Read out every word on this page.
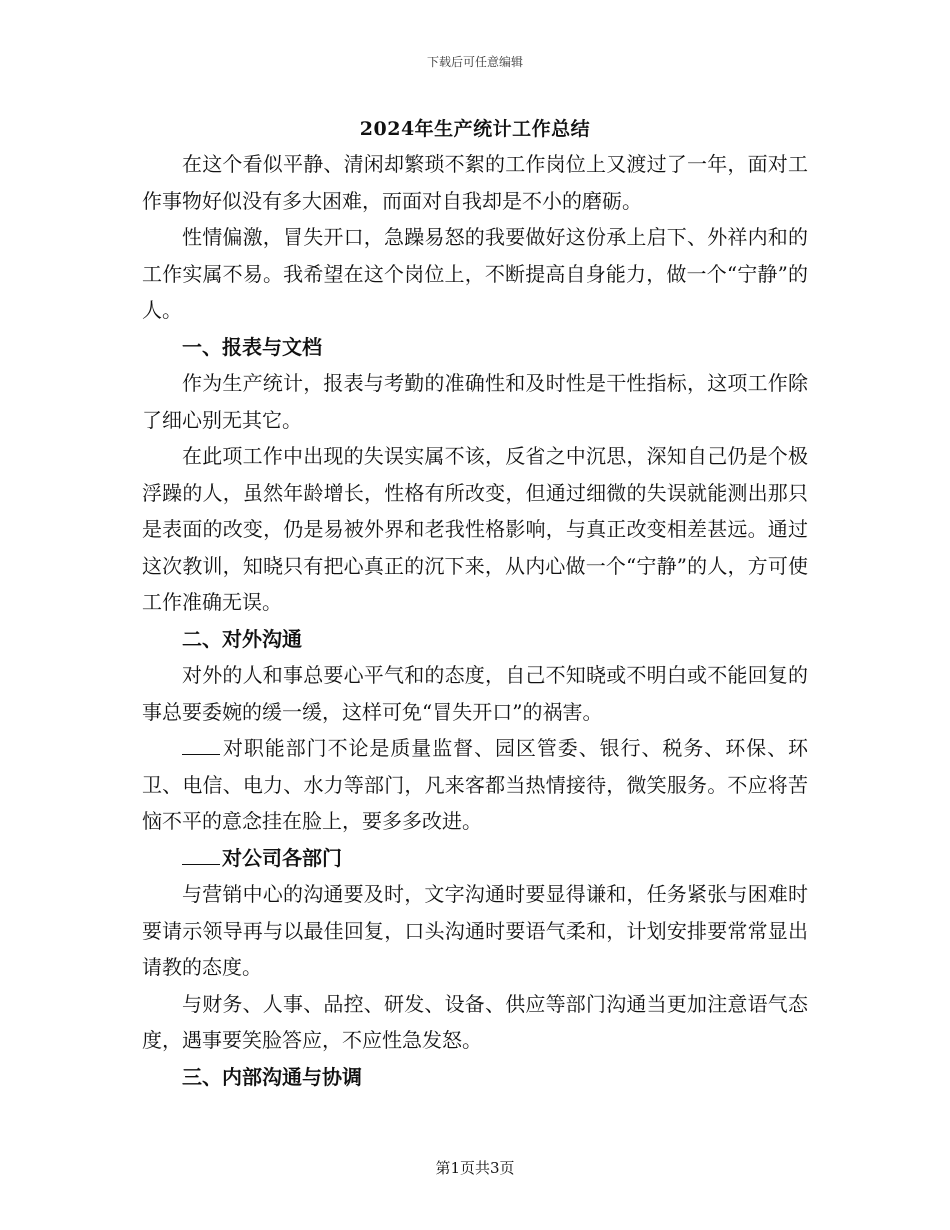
下载后可任意编辑
2024年生产统计工作总结

在这个看似平静、清闲却繁琐不絮的工作岗位上又渡过了一年，面对工作事物好似没有多大困难，而面对自我却是不小的磨砺。

性情偏激，冒失开口，急躁易怒的我要做好这份承上启下、外祥内和的工作实属不易。我希望在这个岗位上，不断提高自身能力，做一个“宁静”的人。

一、报表与文档

作为生产统计，报表与考勤的准确性和及时性是干性指标，这项工作除了细心别无其它。

在此项工作中出现的失误实属不该，反省之中沉思，深知自己仍是个极浮躁的人，虽然年龄增长，性格有所改变，但通过细微的失误就能测出那只是表面的改变，仍是易被外界和老我性格影响，与真正改变相差甚远。通过这次教训，知晓只有把心真正的沉下来，从内心做一个“宁静”的人，方可使工作准确无误。

二、对外沟通

对外的人和事总要心平气和的态度，自己不知晓或不明白或不能回复的事总要委婉的缓一缓，这样可免“冒失开口”的祸害。

对职能部门不论是质量监督、园区管委、银行、税务、环保、环卫、电信、电力、水力等部门，凡来客都当热情接待，微笑服务。不应将苦恼不平的意念挂在脸上，要多多改进。

对公司各部门

与营销中心的沟通要及时，文字沟通时要显得谦和，任务紧张与困难时要请示领导再与以最佳回复，口头沟通时要语气柔和，计划安排要常常显出请教的态度。

与财务、人事、品控、研发、设备、供应等部门沟通当更加注意语气态度，遇事要笑脸答应，不应性急发怒。

三、内部沟通与协调

第1页共3页
